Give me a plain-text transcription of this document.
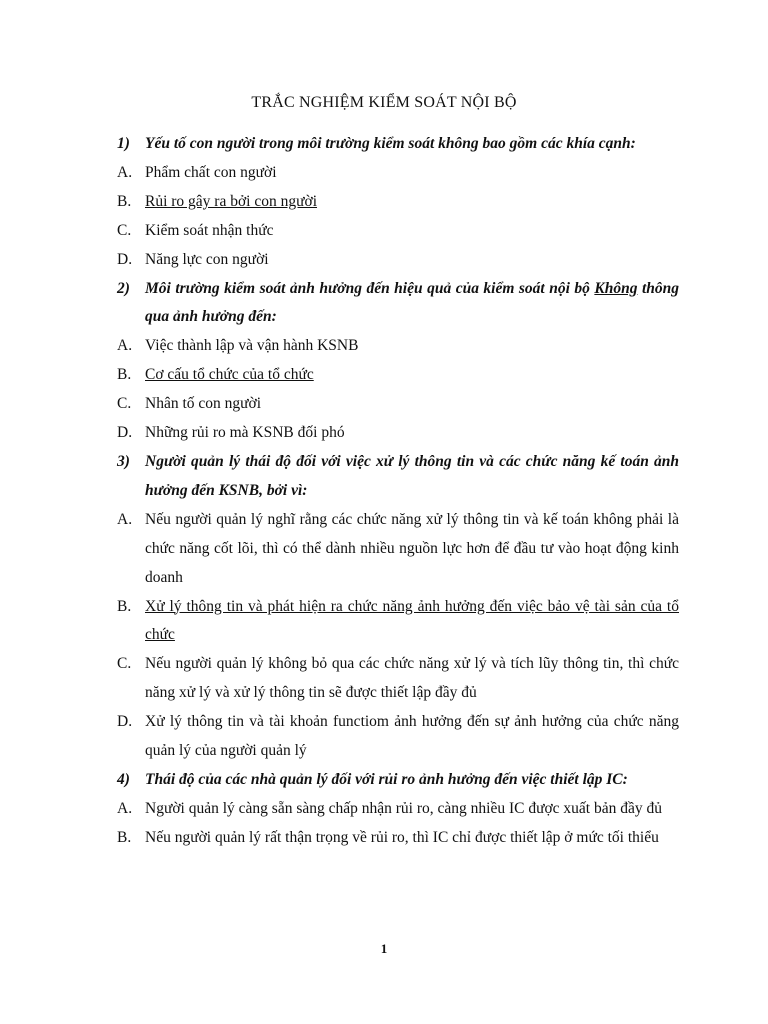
TRẮC NGHIỆM KIỂM SOÁT NỘI BỘ
1) Yếu tố con người trong môi trường kiểm soát không bao gồm các khía cạnh:
A. Phẩm chất con người
B. Rủi ro gây ra bởi con người
C. Kiểm soát nhận thức
D. Năng lực con người
2) Môi trường kiểm soát ảnh hưởng đến hiệu quả của kiểm soát nội bộ Không thông qua ảnh hưởng đến:
A. Việc thành lập và vận hành KSNB
B. Cơ cấu tổ chức của tổ chức
C. Nhân tố con người
D. Những rủi ro mà KSNB đối phó
3) Người quản lý thái độ đối với việc xử lý thông tin và các chức năng kế toán ảnh hưởng đến KSNB, bởi vì:
A. Nếu người quản lý nghĩ rằng các chức năng xử lý thông tin và kế toán không phải là chức năng cốt lõi, thì có thể dành nhiều nguồn lực hơn để đầu tư vào hoạt động kinh doanh
B. Xử lý thông tin và phát hiện ra chức năng ảnh hưởng đến việc bảo vệ tài sản của tổ chức
C. Nếu người quản lý không bỏ qua các chức năng xử lý và tích lũy thông tin, thì chức năng xử lý và xử lý thông tin sẽ được thiết lập đầy đủ
D. Xử lý thông tin và tài khoản functiom ảnh hưởng đến sự ảnh hưởng của chức năng quản lý của người quản lý
4) Thái độ của các nhà quản lý đối với rủi ro ảnh hưởng đến việc thiết lập IC:
A. Người quản lý càng sẵn sàng chấp nhận rủi ro, càng nhiều IC được xuất bản đầy đủ
B. Nếu người quản lý rất thận trọng về rủi ro, thì IC chỉ được thiết lập ở mức tối thiểu
1
